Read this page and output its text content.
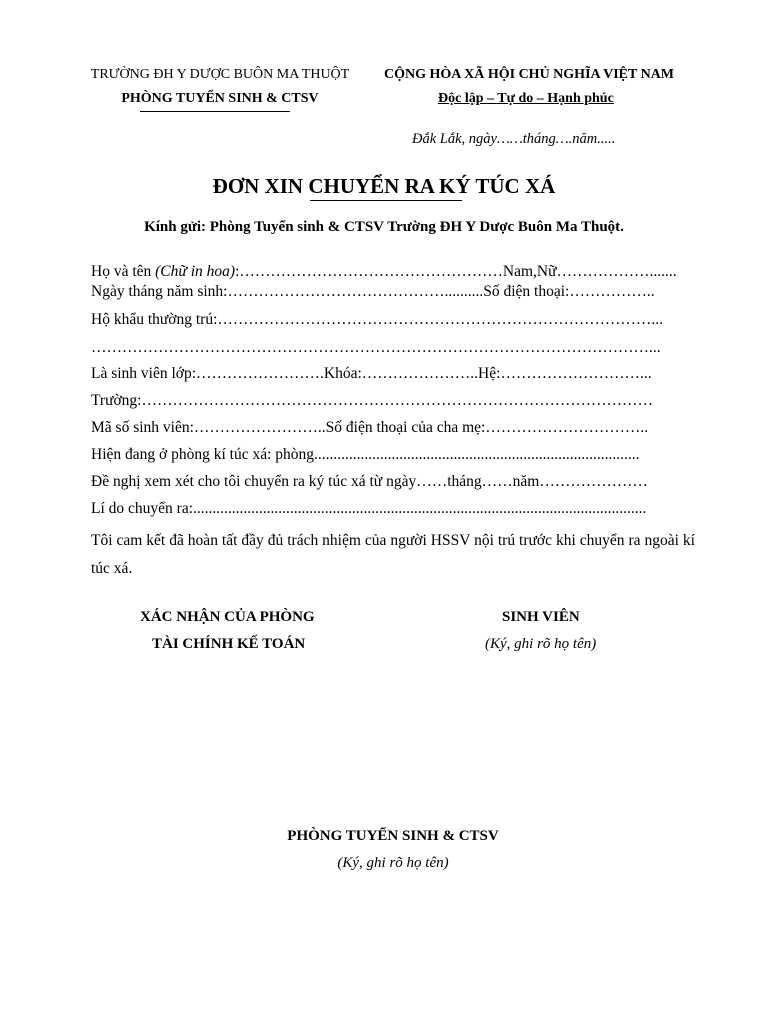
TRƯỜNG ĐH Y DƯỢC BUÔN MA THUỘT
PHÒNG TUYỂN SINH & CTSV
CỘNG HÒA XÃ HỘI CHỦ NGHĨA VIỆT NAM
Độc lập – Tự do – Hạnh phúc
Đắk Lắk, ngày……tháng….năm.....
ĐƠN XIN CHUYỂN RA KÝ TÚC XÁ
Kính gửi: Phòng Tuyển sinh & CTSV Trường ĐH Y Dược Buôn Ma Thuột.
Họ và tên (Chữ in hoa):……………………………………………Nam,Nữ……………….......
Ngày tháng năm sinh:……………………………………..........Số điện thoại:……………..
Hộ khẩu thường trú:…………………………………………………………………………...
………………………………………………………………………………………………...
Là sinh viên lớp:…………………….Khóa:…………………..Hệ:………………………...
Trường:………………………………………………………………………………………
Mã số sinh viên:……………………..Số điện thoại của cha mẹ:…………………………..
Hiện đang ở phòng kí túc xá: phòng....................................................................................
Đề nghị xem xét cho tôi chuyển ra ký túc xá từ ngày……tháng……năm…………………
Lí do chuyển ra:.....................................................................................................................
Tôi cam kết đã hoàn tất đầy đủ trách nhiệm của người HSSV nội trú trước khi chuyển ra ngoài kí túc xá.
XÁC NHẬN CỦA PHÒNG
TÀI CHÍNH KẾ TOÁN
SINH VIÊN
(Ký, ghi rõ họ tên)
PHÒNG TUYỂN SINH & CTSV
(Ký, ghi rõ họ tên)
